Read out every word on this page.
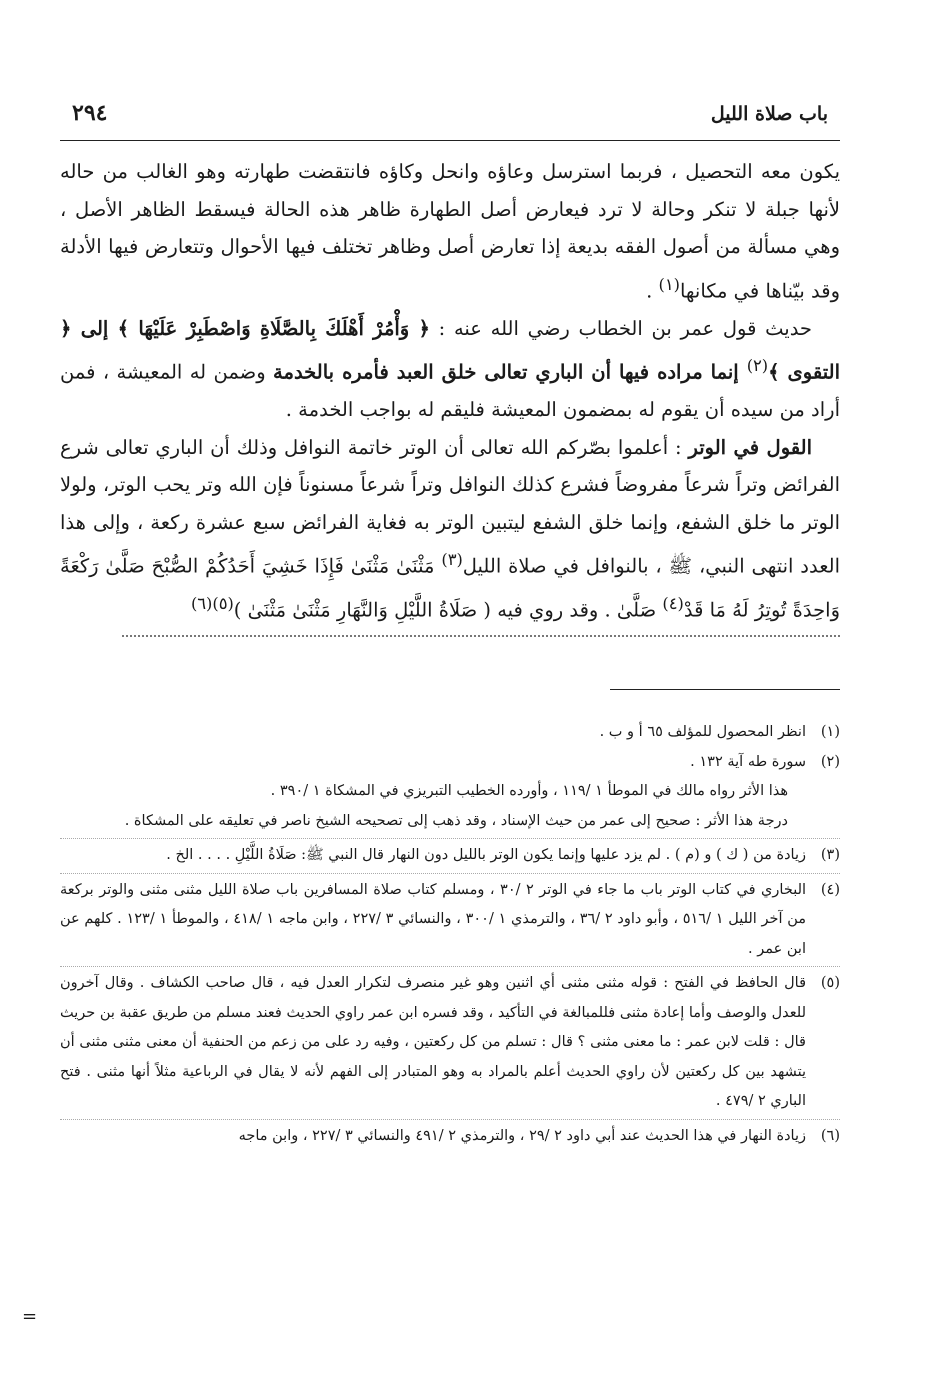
باب صلاة الليل
٢٩٤

يكون معه التحصيل ، فربما استرسل وعاؤه وانحل وكاؤه فانتقضت طهارته وهو الغالب من حاله لأنها جبلة لا تنكر وحالة لا ترد فيعارض أصل الطهارة ظاهر هذه الحالة فيسقط الظاهر الأصل ، وهي مسألة من أصول الفقه بديعة إذا تعارض أصل وظاهر تختلف فيها الأحوال وتتعارض فيها الأدلة وقد بيّناها في مكانها$^{(١)}$ .

حديث قول عمر بن الخطاب رضي الله عنه : ﴿ وَأْمُرْ أَهْلَكَ بِالصَّلَاةِ وَاصْطَبِرْ عَلَيْهَا ﴾ إلى ﴿ التقوى ﴾$^{(٢)}$ إنما مراده فيها أن الباري تعالى خلق العبد فأمره بالخدمة وضمن له المعيشة ، فمن أراد من سيده أن يقوم له بمضمون المعيشة فليقم له بواجب الخدمة .

القول في الوتر : أعلموا بصّركم الله تعالى أن الوتر خاتمة النوافل وذلك أن الباري تعالى شرع الفرائض وتراً شرعاً مفروضاً فشرع كذلك النوافل وتراً شرعاً مسنوناً فإن الله وتر يحب الوتر، ولولا الوتر ما خلق الشفع، وإنما خلق الشفع ليتبين الوتر به فغاية الفرائض سبع عشرة ركعة ، وإلى هذا العدد انتهى النبي، ﷺ ، بالنوافل في صلاة الليل$^{(٣)}$ مَثْنَىٰ مَثْنَىٰ فَإِذَا خَشِيَ أَحَدُكُمْ الصُّبْحَ صَلَّىٰ رَكْعَةً وَاحِدَةً تُوتِرُ لَهُ مَا قَدْ$^{(٤)}$ صَلَّىٰ . وقد روي فيه ( صَلَاةُ اللَّيْلِ وَالنَّهَارِ مَثْنَىٰ مَثْنَىٰ )$^{(٥)(٦)}$

(١)
انظر المحصول للمؤلف ٦٥ أ و ب .
(٢)
سورة طه آية ١٣٢ .
هذا الأثر رواه مالك في الموطأ ١ /١١٩ ، وأورده الخطيب التبريزي في المشكاة ١ /٣٩٠ .
درجة هذا الأثر : صحيح إلى عمر من حيث الإسناد ، وقد ذهب إلى تصحيحه الشيخ ناصر في تعليقه على المشكاة .
(٣)
زيادة من ( ك ) و (م ) . لم يزد عليها وإنما يكون الوتر بالليل دون النهار قال النبي ﷺ: صَلَاةُ اللَّيْلِ . . . . الخ .
(٤)
البخاري في كتاب الوتر باب ما جاء في الوتر ٢ /٣٠ ، ومسلم كتاب صلاة المسافرين باب صلاة الليل مثنى مثنى والوتر بركعة من آخر الليل ١ /٥١٦ ، وأبو داود ٢ /٣٦ ، والترمذي ١ /٣٠٠ ، والنسائي ٣ /٢٢٧ ، وابن ماجه ١ /٤١٨ ، والموطأ ١ /١٢٣ . كلهم عن ابن عمر .
(٥)
قال الحافظ في الفتح : قوله مثنى مثنى أي اثنين وهو غير منصرف لتكرار العدل فيه ، قال صاحب الكشاف . وقال آخرون للعدل والوصف وأما إعادة مثنى فللمبالغة في التأكيد ، وقد فسره ابن عمر راوي الحديث فعند مسلم من طريق عقبة بن حريث قال : قلت لابن عمر : ما معنى مثنى ؟ قال : تسلم من كل ركعتين ، وفيه رد على من زعم من الحنفية أن معنى مثنى مثنى أن يتشهد بين كل ركعتين لأن راوي الحديث أعلم بالمراد به وهو المتبادر إلى الفهم لأنه لا يقال في الرباعية مثلاً أنها مثنى . فتح الباري ٢ /٤٧٩ .
(٦)
زيادة النهار في هذا الحديث عند أبي داود ٢ /٢٩ ، والترمذي ٢ /٤٩١ والنسائي ٣ /٢٢٧ ، وابن ماجه
=
